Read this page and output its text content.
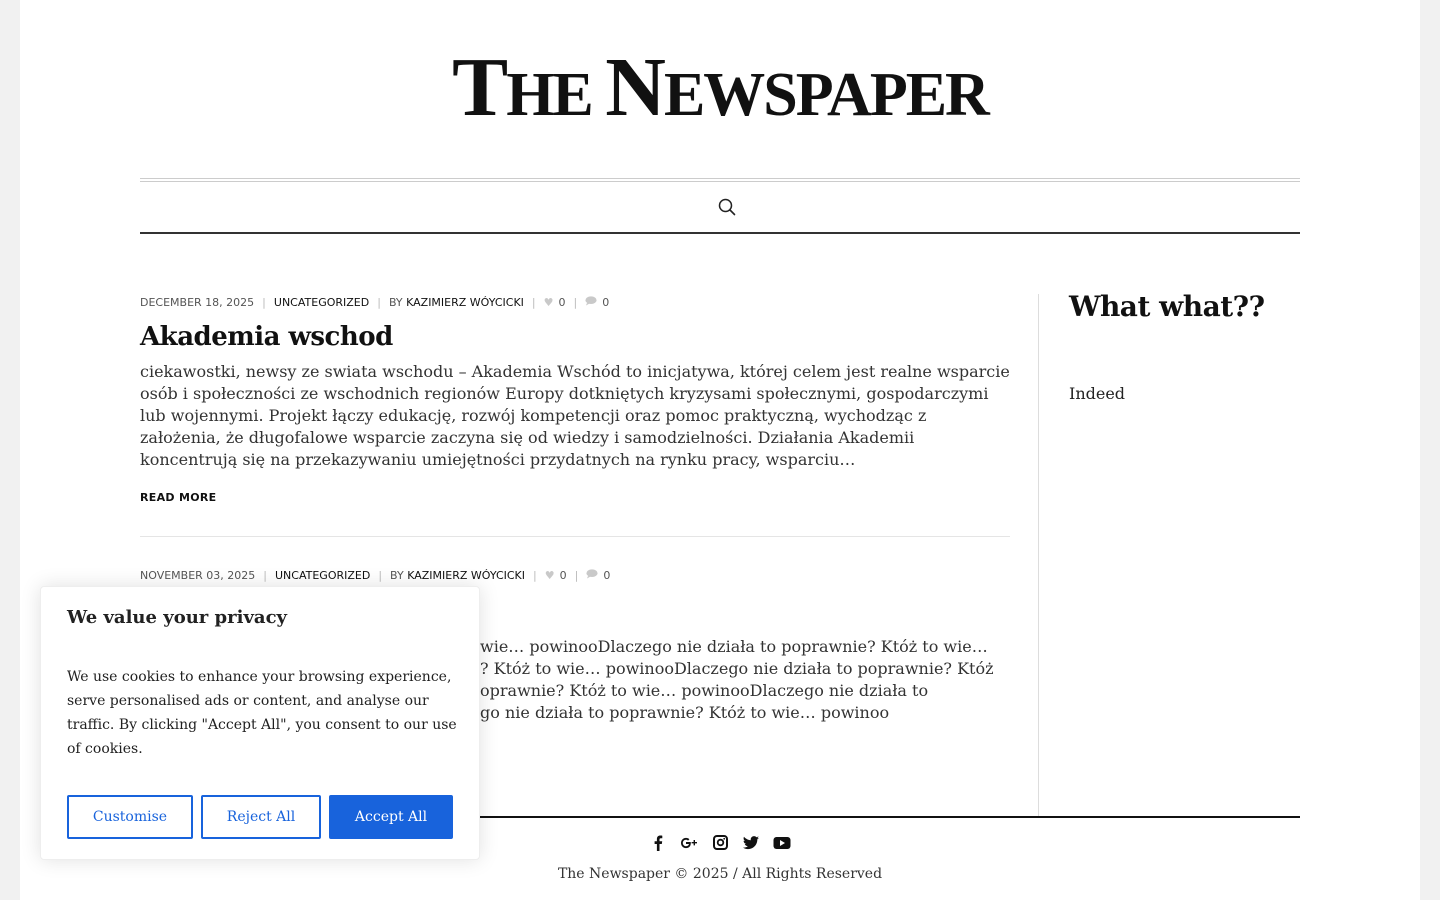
THE NEWSPAPER
DECEMBER 18, 2025 | UNCATEGORIZED | BY
KAZIMIERZ WÓYCICKI | ♥ 0 | 0
Akademia wschod
ciekawostki, newsy ze swiata wschodu – Akademia Wschód to inicjatywa, której celem jest realne wsparcie osób i społeczności ze wschodnich regionów Europy dotkniętych kryzysami społecznymi, gospodarczymi lub wojennymi. Projekt łączy edukację, rozwój kompetencji oraz pomoc praktyczną, wychodząc z założenia, że długofalowe wsparcie zaczyna się od wiedzy i samodzielności. Działania Akademii koncentrują się na przekazywaniu umiejętności przydatnych na rynku pracy, wsparciu…
READ MORE
NOVEMBER 03, 2025 | UNCATEGORIZED | BY
KAZIMIERZ WÓYCICKI | ♥ 0 | 0
wie… powinooDlaczego nie działa to poprawnie? Któż to wie…
? Któż to wie… powinooDlaczego nie działa to poprawnie? Któż
oprawnie? Któż to wie… powinooDlaczego nie działa to
go nie działa to poprawnie? Któż to wie… powinoo
What what??
Indeed
The Newspaper © 2025 / All Rights Reserved
We value your privacy
We use cookies to enhance your browsing experience, serve personalised ads or content, and analyse our traffic. By clicking "Accept All", you consent to our use of cookies.
Customise	Reject All	Accept All
